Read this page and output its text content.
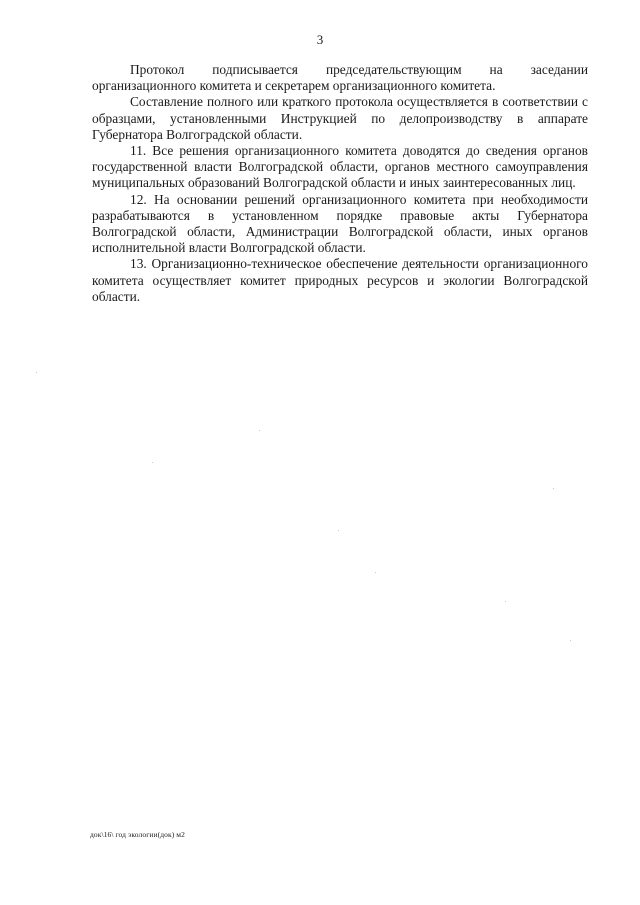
3

Протокол подписывается председательствующим на заседании организационного комитета и секретарем организационного комитета.

Составление полного или краткого протокола осуществляется в соответствии с образцами, установленными Инструкцией по делопроизводству в аппарате Губернатора Волгоградской области.

11. Все решения организационного комитета доводятся до сведения органов государственной власти Волгоградской области, органов местного самоуправления муниципальных образований Волгоградской области и иных заинтересованных лиц.

12. На основании решений организационного комитета при необходимости разрабатываются в установленном порядке правовые акты Губернатора Волгоградской области, Администрации Волгоградской области, иных органов исполнительной власти Волгоградской области.

13. Организационно-техническое обеспечение деятельности организационного комитета осуществляет комитет природных ресурсов и экологии Волгоградской области.

док\16\ год экологии(док) м2
